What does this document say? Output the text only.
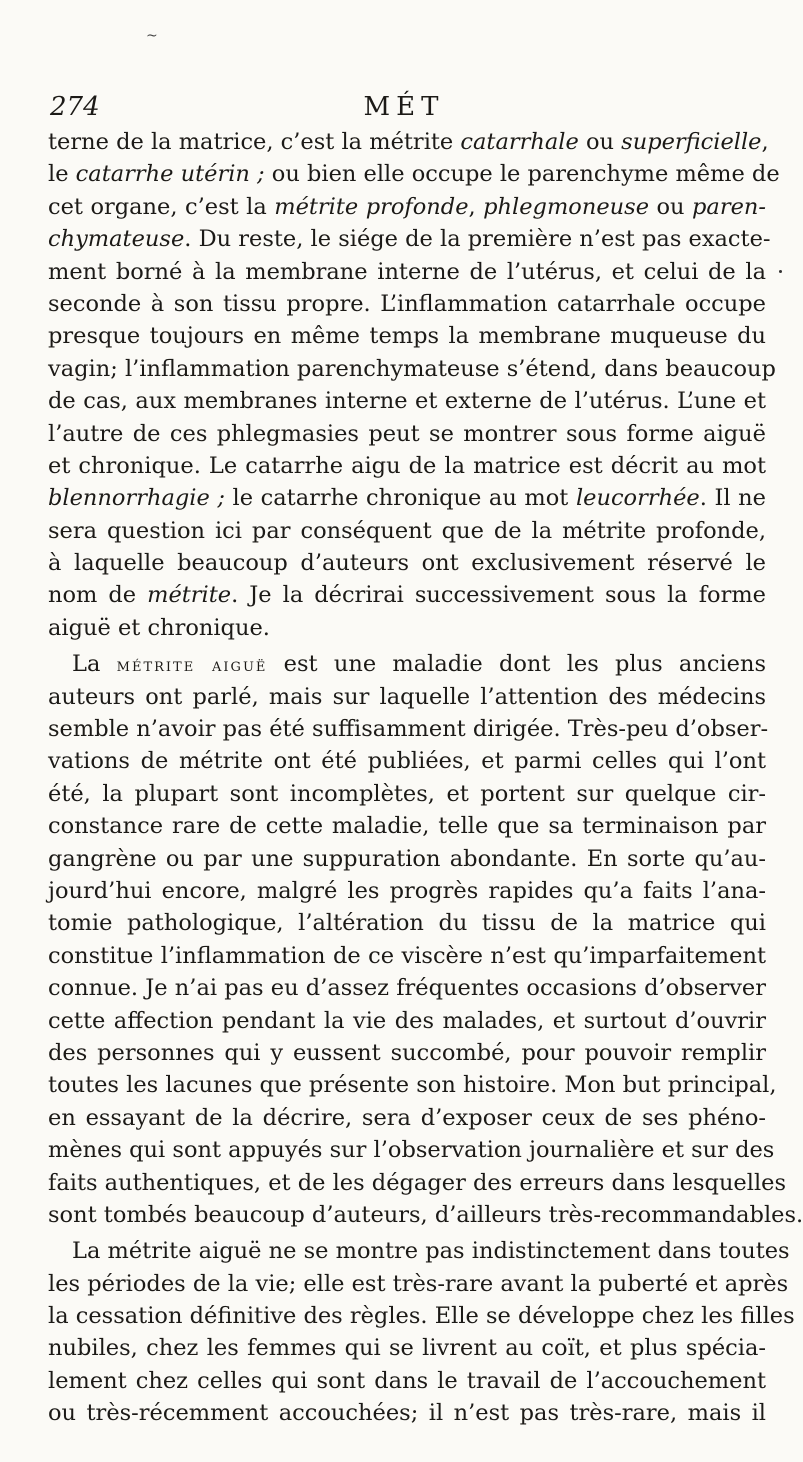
~
274	MÉT
terne de la matrice, c’est la métrite catarrhale ou superficielle,
le catarrhe utérin ; ou bien elle occupe le parenchyme même de
cet organe, c’est la métrite profonde, phlegmoneuse ou paren-
chymateuse. Du reste, le siége de la première n’est pas exacte-
ment borné à la membrane interne de l’utérus, et celui de la
seconde à son tissu propre. L’inflammation catarrhale occupe
presque toujours en même temps la membrane muqueuse du
vagin; l’inflammation parenchymateuse s’étend, dans beaucoup
de cas, aux membranes interne et externe de l’utérus. L’une et
l’autre de ces phlegmasies peut se montrer sous forme aiguë
et chronique. Le catarrhe aigu de la matrice est décrit au mot
blennorrhagie ; le catarrhe chronique au mot leucorrhée. Il ne
sera question ici par conséquent que de la métrite profonde,
à laquelle beaucoup d’auteurs ont exclusivement réservé le
nom de métrite. Je la décrirai successivement sous la forme
aiguë et chronique.
La métrite aiguë est une maladie dont les plus anciens
auteurs ont parlé, mais sur laquelle l’attention des médecins
semble n’avoir pas été suffisamment dirigée. Très-peu d’obser-
vations de métrite ont été publiées, et parmi celles qui l’ont
été, la plupart sont incomplètes, et portent sur quelque cir-
constance rare de cette maladie, telle que sa terminaison par
gangrène ou par une suppuration abondante. En sorte qu’au-
jourd’hui encore, malgré les progrès rapides qu’a faits l’ana-
tomie pathologique, l’altération du tissu de la matrice qui
constitue l’inflammation de ce viscère n’est qu’imparfaitement
connue. Je n’ai pas eu d’assez fréquentes occasions d’observer
cette affection pendant la vie des malades, et surtout d’ouvrir
des personnes qui y eussent succombé, pour pouvoir remplir
toutes les lacunes que présente son histoire. Mon but principal,
en essayant de la décrire, sera d’exposer ceux de ses phéno-
mènes qui sont appuyés sur l’observation journalière et sur des
faits authentiques, et de les dégager des erreurs dans lesquelles
sont tombés beaucoup d’auteurs, d’ailleurs très-recommandables.
La métrite aiguë ne se montre pas indistinctement dans toutes
les périodes de la vie; elle est très-rare avant la puberté et après
la cessation définitive des règles. Elle se développe chez les filles
nubiles, chez les femmes qui se livrent au coït, et plus spécia-
lement chez celles qui sont dans le travail de l’accouchement
ou très-récemment accouchées; il n’est pas très-rare, mais il
